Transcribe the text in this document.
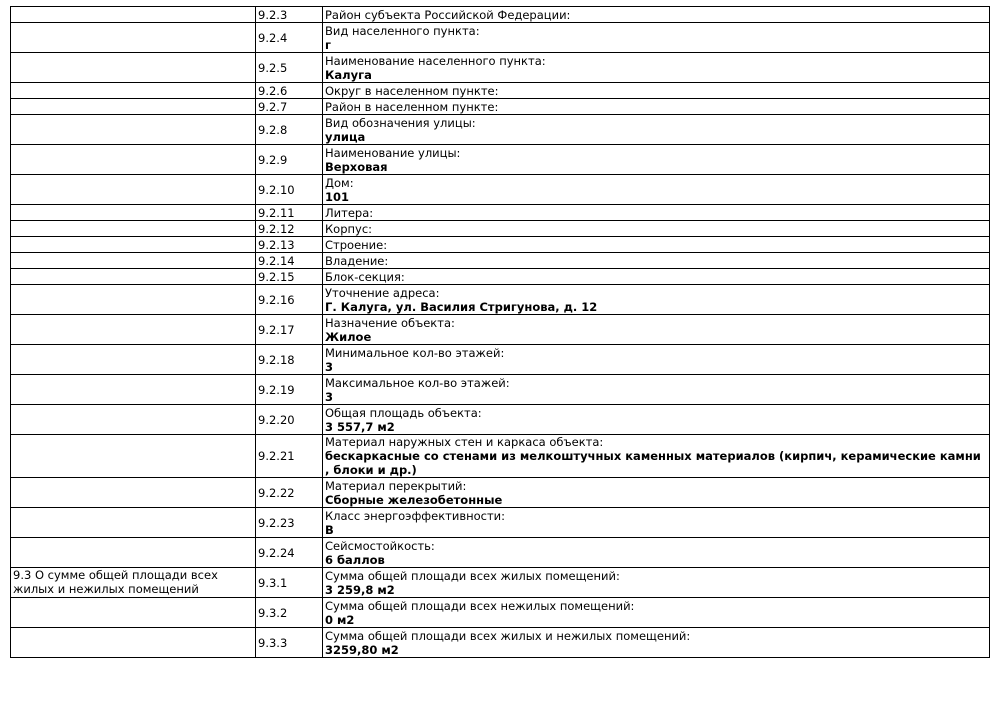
	9.2.3	Район субъекта Российской Федерации:

	9.2.4	Вид населенного пункта:
г

	9.2.5	Наименование населенного пункта:
Калуга

	9.2.6	Округ в населенном пункте:

	9.2.7	Район в населенном пункте:

	9.2.8	Вид обозначения улицы:
улица

	9.2.9	Наименование улицы:
Верховая

	9.2.10	Дом:
101

	9.2.11	Литера:

	9.2.12	Корпус:

	9.2.13	Строение:

	9.2.14	Владение:

	9.2.15	Блок-секция:

	9.2.16	Уточнение адреса:
Г. Калуга, ул. Василия Стригунова, д. 12

	9.2.17	Назначение объекта:
Жилое

	9.2.18	Минимальное кол-во этажей:
3

	9.2.19	Максимальное кол-во этажей:
3

	9.2.20	Общая площадь объекта:
3 557,7 м2

	9.2.21	Материал наружных стен и каркаса объекта:
бескаркасные со стенами из мелкоштучных каменных материалов (кирпич, керамические камни , блоки и др.)

	9.2.22	Материал перекрытий:
Сборные железобетонные

	9.2.23	Класс энергоэффективности:
В

	9.2.24	Сейсмостойкость:
6 баллов

9.3 О сумме общей площади всех жилых и нежилых помещений	9.3.1	Сумма общей площади всех жилых помещений:
3 259,8 м2

	9.3.2	Сумма общей площади всех нежилых помещений:
0 м2

	9.3.3	Сумма общей площади всех жилых и нежилых помещений:
3259,80 м2
